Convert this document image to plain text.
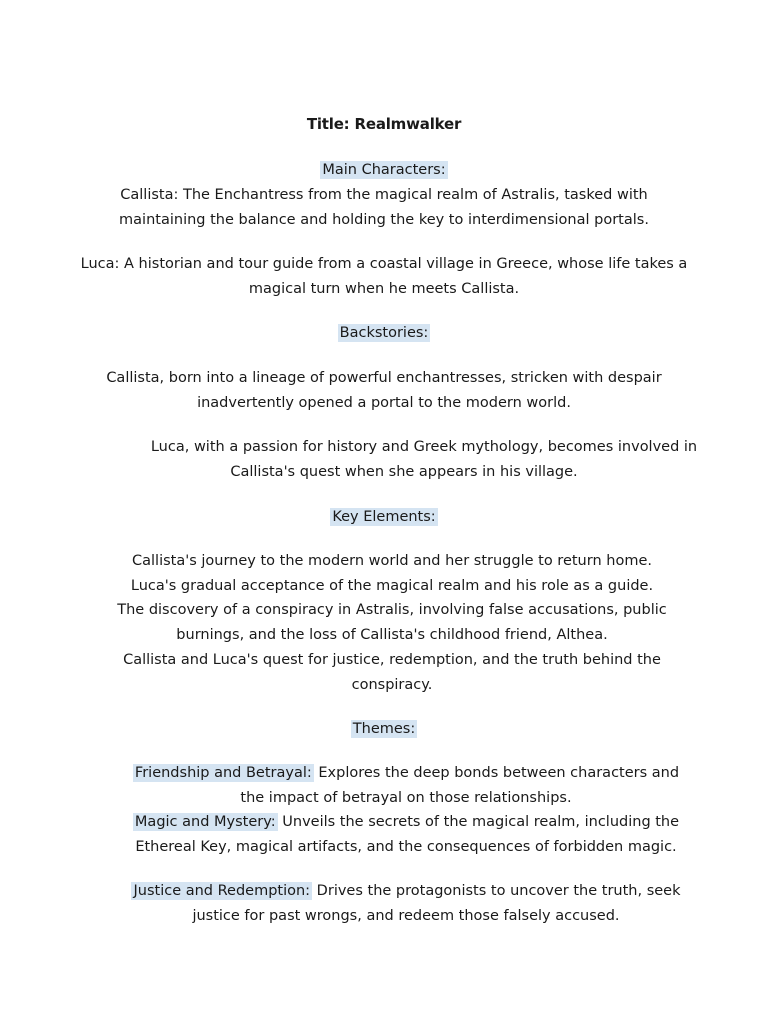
Title: Realmwalker
Main Characters:
Callista: The Enchantress from the magical realm of Astralis, tasked with
maintaining the balance and holding the key to interdimensional portals.
Luca: A historian and tour guide from a coastal village in Greece, whose life takes a
magical turn when he meets Callista.
Backstories:
Callista, born into a lineage of powerful enchantresses, stricken with despair
inadvertently opened a portal to the modern world.
Luca, with a passion for history and Greek mythology, becomes involved in
Callista's quest when she appears in his village.
Key Elements:
Callista's journey to the modern world and her struggle to return home.
Luca's gradual acceptance of the magical realm and his role as a guide.
The discovery of a conspiracy in Astralis, involving false accusations, public
burnings, and the loss of Callista's childhood friend, Althea.
Callista and Luca's quest for justice, redemption, and the truth behind the
conspiracy.
Themes:
Friendship and Betrayal: Explores the deep bonds between characters and
the impact of betrayal on those relationships.
Magic and Mystery: Unveils the secrets of the magical realm, including the
Ethereal Key, magical artifacts, and the consequences of forbidden magic.
Justice and Redemption: Drives the protagonists to uncover the truth, seek
justice for past wrongs, and redeem those falsely accused.
